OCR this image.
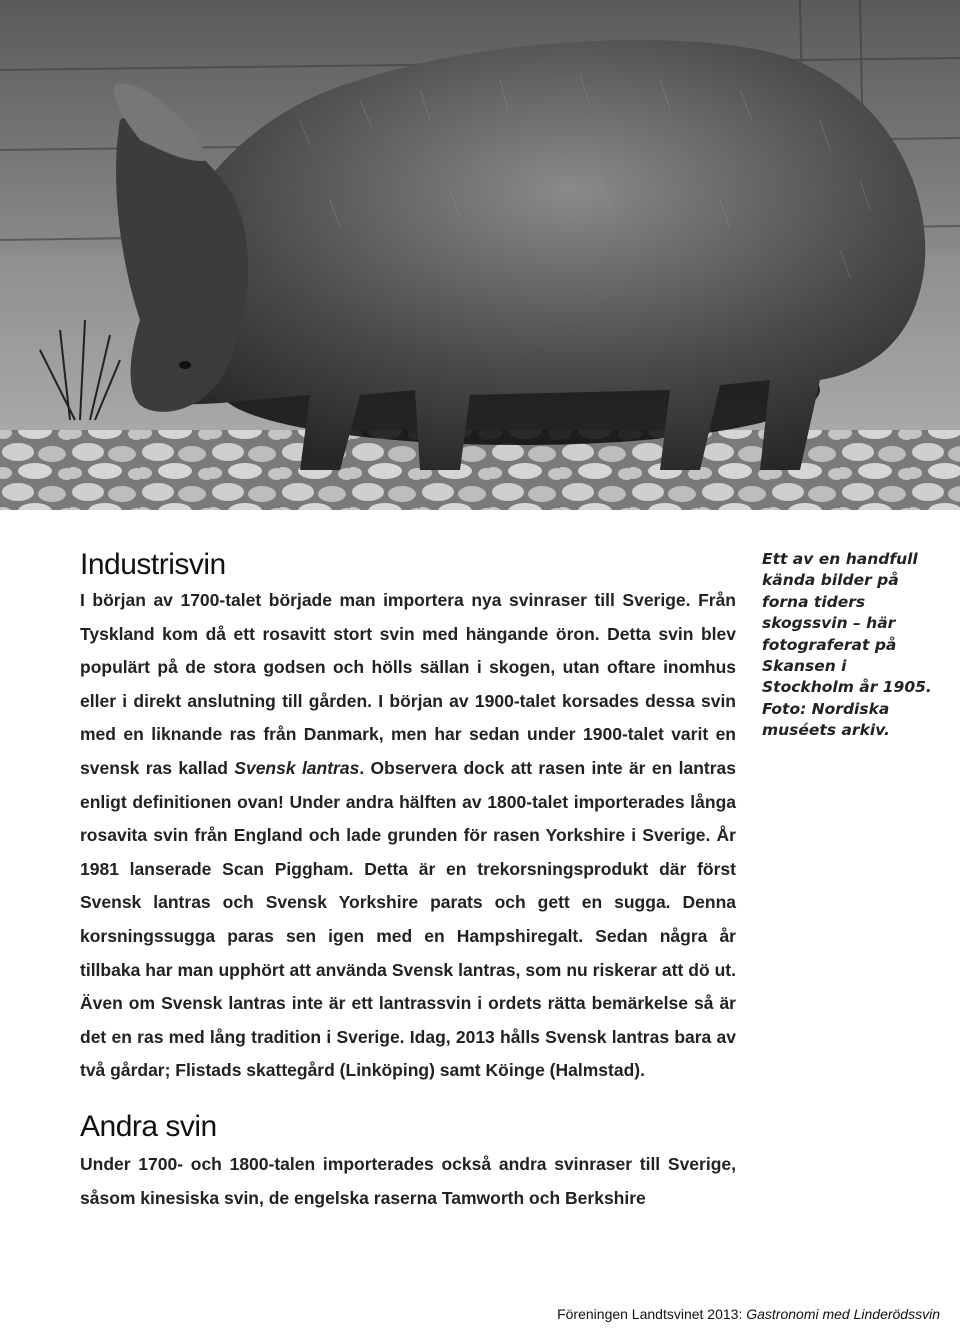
Industrisvin

I början av 1700-talet började man importera nya svinraser till Sverige. Från Tyskland kom då ett rosavitt stort svin med hängande öron. Detta svin blev populärt på de stora godsen och hölls sällan i skogen, utan oftare inomhus eller i direkt anslutning till gården. I början av 1900-talet korsades dessa svin med en liknande ras från Danmark, men har sedan under 1900-talet varit en svensk ras kallad Svensk lantras. Observera dock att rasen inte är en lantras enligt definitionen ovan! Under andra hälften av 1800-talet importerades långa rosavita svin från England och lade grunden för rasen Yorkshire i Sverige. År 1981 lanserade Scan Piggham. Detta är en trekorsningsprodukt där först Svensk lantras och Svensk Yorkshire parats och gett en sugga. Denna korsningssugga paras sen igen med en Hampshiregalt. Sedan några år tillbaka har man upphört att använda Svensk lantras, som nu riskerar att dö ut. Även om Svensk lantras inte är ett lantrassvin i ordets rätta bemärkelse så är det en ras med lång tradition i Sverige. Idag, 2013 hålls Svensk lantras bara av två gårdar; Flistads skattegård (Linköping) samt Köinge (Halmstad).

Ett av en handfull kända bilder på forna tiders skogssvin – här fotograferat på Skansen i Stockholm år 1905. Foto: Nordiska muséets arkiv.

Andra svin

Under 1700- och 1800-talen importerades också andra svinraser till Sverige, såsom kinesiska svin, de engelska raserna Tamworth och Berkshire

Föreningen Landtsvinet 2013: Gastronomi med Linderödssvin
